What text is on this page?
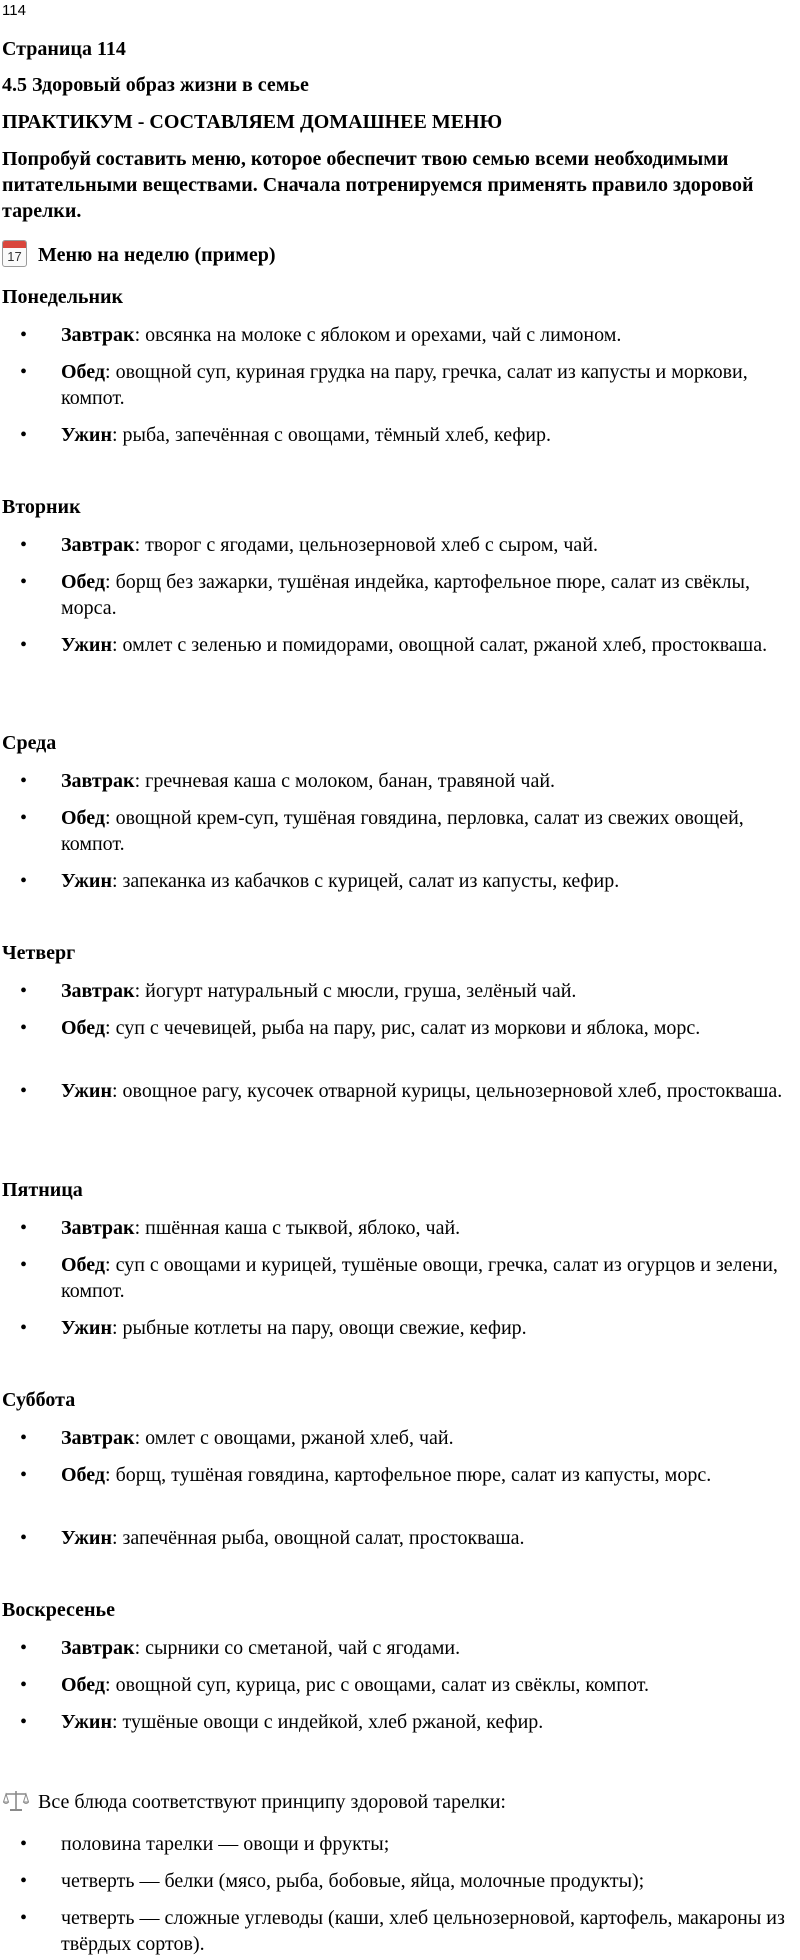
114
Страница 114
4.5 Здоровый образ жизни в семье
ПРАКТИКУМ - СОСТАВЛЯЕМ ДОМАШНЕЕ МЕНЮ
Попробуй составить меню, которое обеспечит твою семью всеми необходимыми питательными веществами. Сначала потренируемся применять правило здоровой тарелки.
17 Меню на неделю (пример)
Понедельник
• Завтрак: овсянка на молоке с яблоком и орехами, чай с лимоном.
• Обед: овощной суп, куриная грудка на пару, гречка, салат из капусты и моркови, компот.
• Ужин: рыба, запечённая с овощами, тёмный хлеб, кефир.
Вторник
• Завтрак: творог с ягодами, цельнозерновой хлеб с сыром, чай.
• Обед: борщ без зажарки, тушёная индейка, картофельное пюре, салат из свёклы, морса.
• Ужин: омлет с зеленью и помидорами, овощной салат, ржаной хлеб, простокваша.
Среда
• Завтрак: гречневая каша с молоком, банан, травяной чай.
• Обед: овощной крем-суп, тушёная говядина, перловка, салат из свежих овощей, компот.
• Ужин: запеканка из кабачков с курицей, салат из капусты, кефир.
Четверг
• Завтрак: йогурт натуральный с мюсли, груша, зелёный чай.
• Обед: суп с чечевицей, рыба на пару, рис, салат из моркови и яблока, морс.
• Ужин: овощное рагу, кусочек отварной курицы, цельнозерновой хлеб, простокваша.
Пятница
• Завтрак: пшённая каша с тыквой, яблоко, чай.
• Обед: суп с овощами и курицей, тушёные овощи, гречка, салат из огурцов и зелени, компот.
• Ужин: рыбные котлеты на пару, овощи свежие, кефир.
Суббота
• Завтрак: омлет с овощами, ржаной хлеб, чай.
• Обед: борщ, тушёная говядина, картофельное пюре, салат из капусты, морс.
• Ужин: запечённая рыба, овощной салат, простокваша.
Воскресенье
• Завтрак: сырники со сметаной, чай с ягодами.
• Обед: овощной суп, курица, рис с овощами, салат из свёклы, компот.
• Ужин: тушёные овощи с индейкой, хлеб ржаной, кефир.
Все блюда соответствуют принципу здоровой тарелки:
• половина тарелки — овощи и фрукты;
• четверть — белки (мясо, рыба, бобовые, яйца, молочные продукты);
• четверть — сложные углеводы (каши, хлеб цельнозерновой, картофель, макароны из твёрдых сортов).
